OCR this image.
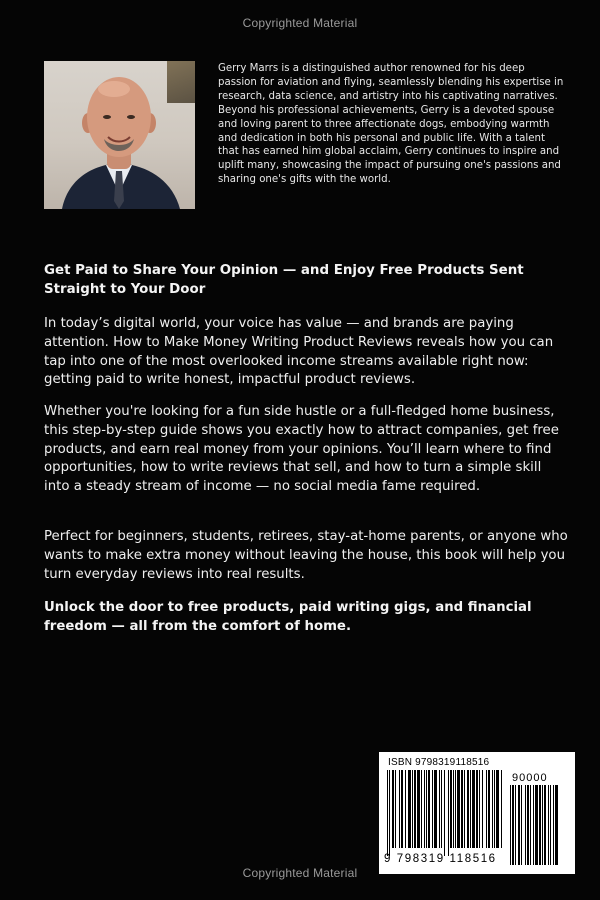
Copyrighted Material

Gerry Marrs is a distinguished author renowned for his deep passion for aviation and flying, seamlessly blending his expertise in research, data science, and artistry into his captivating narratives. Beyond his professional achievements, Gerry is a devoted spouse and loving parent to three affectionate dogs, embodying warmth and dedication in both his personal and public life. With a talent that has earned him global acclaim, Gerry continues to inspire and uplift many, showcasing the impact of pursuing one's passions and sharing one's gifts with the world.

Get Paid to Share Your Opinion — and Enjoy Free Products Sent Straight to Your Door

In today’s digital world, your voice has value — and brands are paying attention. How to Make Money Writing Product Reviews reveals how you can tap into one of the most overlooked income streams available right now: getting paid to write honest, impactful product reviews.

Whether you're looking for a fun side hustle or a full-fledged home business, this step-by-step guide shows you exactly how to attract companies, get free products, and earn real money from your opinions. You’ll learn where to find opportunities, how to write reviews that sell, and how to turn a simple skill into a steady stream of income — no social media fame required.

Perfect for beginners, students, retirees, stay-at-home parents, or anyone who wants to make extra money without leaving the house, this book will help you turn everyday reviews into real results.

Unlock the door to free products, paid writing gigs, and financial freedom — all from the comfort of home.

ISBN 9798319118516
90000
9 798319 118516
Copyrighted Material
